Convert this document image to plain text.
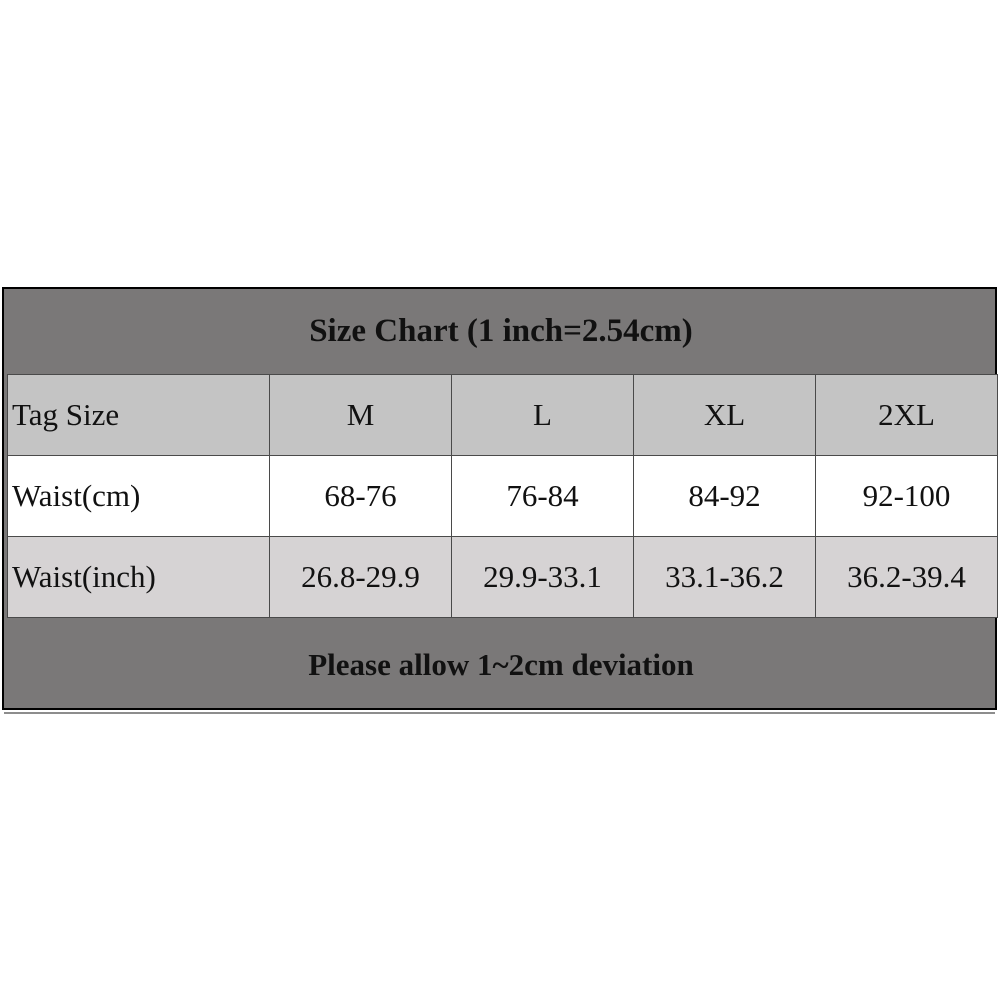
Size Chart (1 inch=2.54cm)
Tag Size	M	L	XL	2XL
Waist(cm)	68-76	76-84	84-92	92-100
Waist(inch)	26.8-29.9	29.9-33.1	33.1-36.2	36.2-39.4
Please allow 1~2cm deviation
